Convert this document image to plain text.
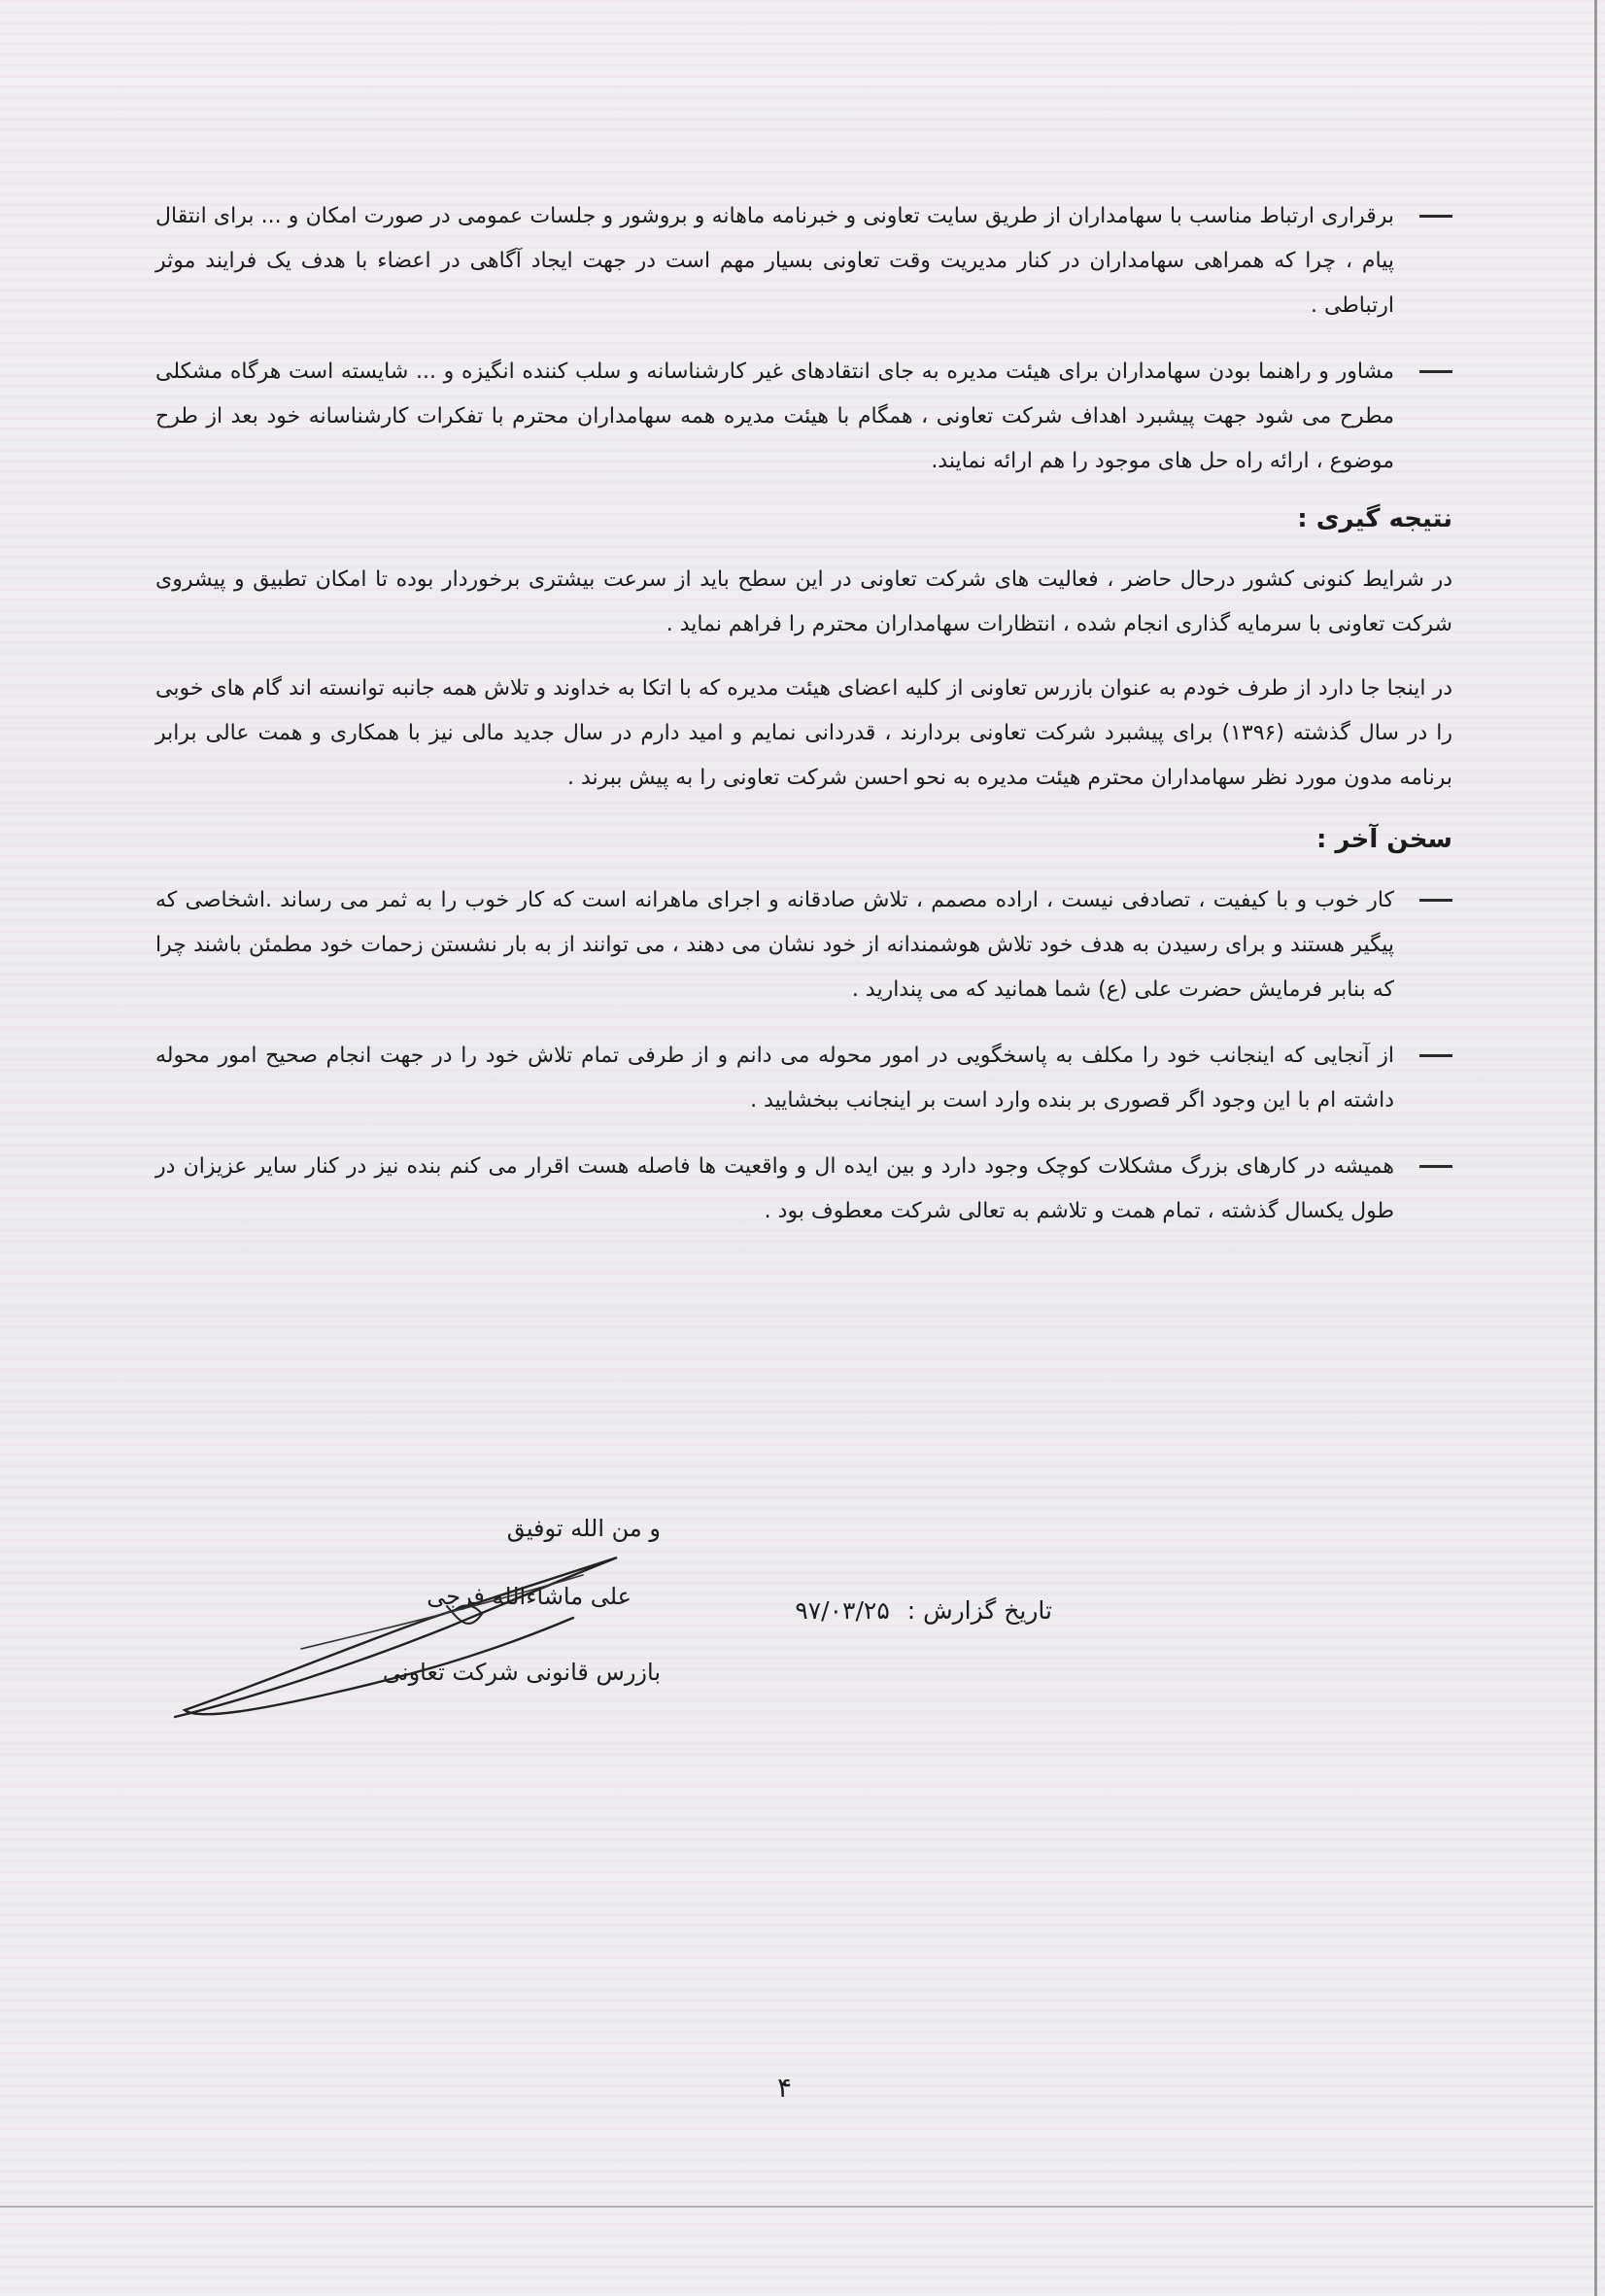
برقراری ارتباط مناسب با سهامداران از طریق سایت تعاونی و خبرنامه ماهانه و بروشور و جلسات عمومی در صورت امکان و ... برای انتقال پیام ، چرا که همراهی سهامداران در کنار مدیریت وقت تعاونی بسیار مهم است در جهت ایجاد آگاهی در اعضاء با هدف یک فرایند موثر ارتباطی .
مشاور و راهنما بودن سهامداران برای هیئت مدیره به جای انتقادهای غیر کارشناسانه و سلب کننده انگیزه و ... شایسته است هرگاه مشکلی مطرح می شود جهت پیشبرد اهداف شرکت تعاونی ، همگام با هیئت مدیره همه سهامداران محترم با تفکرات کارشناسانه خود بعد از طرح موضوع ، ارائه راه حل های موجود را هم ارائه نمایند.
نتیجه گیری :
در شرایط کنونی کشور درحال حاضر ، فعالیت های شرکت تعاونی در این سطح باید از سرعت بیشتری برخوردار بوده تا امکان تطبیق و پیشروی شرکت تعاونی با سرمایه گذاری انجام شده ، انتظارات سهامداران محترم را فراهم نماید .
در اینجا جا دارد از طرف خودم به عنوان بازرس تعاونی از کلیه اعضای هیئت مدیره که با اتکا به خداوند و تلاش همه جانبه توانسته اند گام های خوبی را در سال گذشته (۱۳۹۶) برای پیشبرد شرکت تعاونی بردارند ، قدردانی نمایم و امید دارم در سال جدید مالی نیز با همکاری و همت عالی برابر برنامه مدون مورد نظر سهامداران محترم هیئت مدیره به نحو احسن شرکت تعاونی را به پیش ببرند .
سخن آخر :
کار خوب و با کیفیت ، تصادفی نیست ، اراده مصمم ، تلاش صادقانه و اجرای ماهرانه است که کار خوب را به ثمر می رساند .اشخاصی که پیگیر هستند و برای رسیدن به هدف خود تلاش هوشمندانه از خود نشان می دهند ، می توانند از به بار نشستن زحمات خود مطمئن باشند چرا که بنابر فرمایش حضرت علی (ع) شما همانید که می پندارید .
از آنجایی که اینجانب خود را مکلف به پاسخگویی در امور محوله می دانم و از طرفی تمام تلاش خود را در جهت انجام صحیح امور محوله داشته ام با این وجود اگر قصوری بر بنده وارد است بر اینجانب ببخشایید .
همیشه در کارهای بزرگ مشکلات کوچک وجود دارد و بین ایده ال و واقعیت ها فاصله هست اقرار می کنم بنده نیز در کنار سایر عزیزان در طول یکسال گذشته ، تمام همت و تلاشم به تعالی شرکت معطوف بود .
تاریخ گزارش : ۹۷/۰۳/۲۵
و من الله توفیق
علی ماشاءالله فرجی
بازرس قانونی شرکت تعاونی
۴
